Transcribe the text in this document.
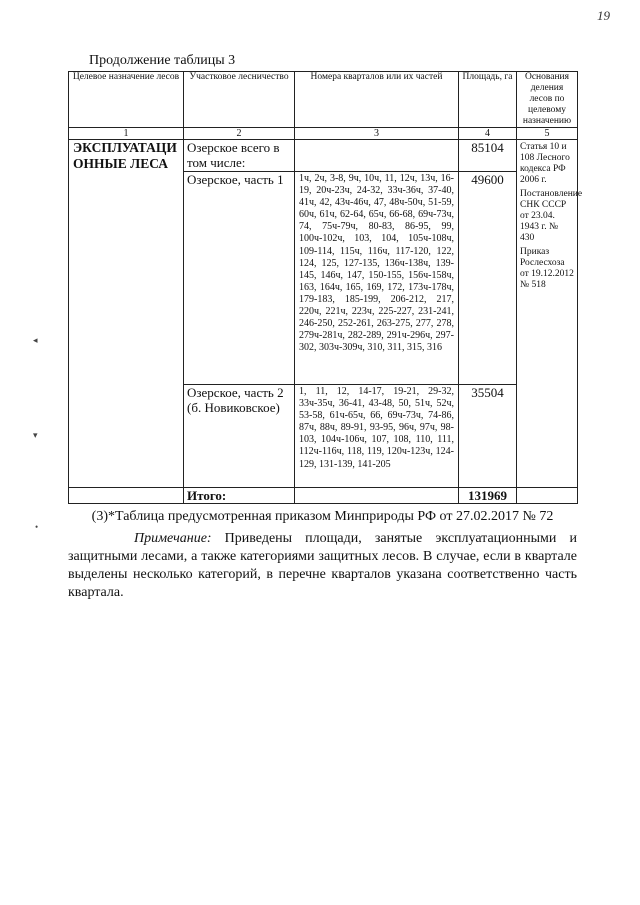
19
Продолжение таблицы 3
◂
▾
•
Целевое назначение лесов	Участковое лесничество	Номера кварталов или их частей	Площадь, га	Основания деления лесов по целевому назначению
1	2	3	4	5
ЭКСПЛУАТАЦИ ОННЫЕ ЛЕСА	Озерское всего в том числе:		85104	Статья 10 и 108 Лесного кодекса РФ 2006 г.

Постановление СНК СССР от 23.04. 1943 г. № 430

Приказ Рослесхоза от 19.12.2012 № 518

	Озерское, часть 1	1ч, 2ч, 3-8, 9ч, 10ч, 11, 12ч, 13ч, 16-19, 20ч-23ч, 24-32, 33ч-36ч, 37-40, 41ч, 42, 43ч-46ч, 47, 48ч-50ч, 51-59, 60ч, 61ч, 62-64, 65ч, 66-68, 69ч-73ч, 74, 75ч-79ч, 80-83, 86-95, 99, 100ч-102ч, 103, 104, 105ч-108ч, 109-114, 115ч, 116ч, 117-120, 122, 124, 125, 127-135, 136ч-138ч, 139-145, 146ч, 147, 150-155, 156ч-158ч, 163, 164ч, 165, 169, 172, 173ч-178ч, 179-183, 185-199, 206-212, 217, 220ч, 221ч, 223ч, 225-227, 231-241, 246-250, 252-261, 263-275, 277, 278, 279ч-281ч, 282-289, 291ч-296ч, 297-302, 303ч-309ч, 310, 311, 315, 316	49600	
	Озерское, часть 2 (б. Новиковское)	1, 11, 12, 14-17, 19-21, 29-32, 33ч-35ч, 36-41, 43-48, 50, 51ч, 52ч, 53-58, 61ч-65ч, 66, 69ч-73ч, 74-86, 87ч, 88ч, 89-91, 93-95, 96ч, 97ч, 98-103, 104ч-106ч, 107, 108, 110, 111, 112ч-116ч, 118, 119, 120ч-123ч, 124-129, 131-139, 141-205	35504	
	Итого:		131969	
(3)*Таблица предусмотренная приказом Минприроды РФ от 27.02.2017 № 72
Примечание: Приведены площади, занятые эксплуатационными и защитными лесами, а также категориями защитных лесов. В случае, если в квартале выделены несколько категорий, в перечне кварталов указана соответственно часть квартала.
